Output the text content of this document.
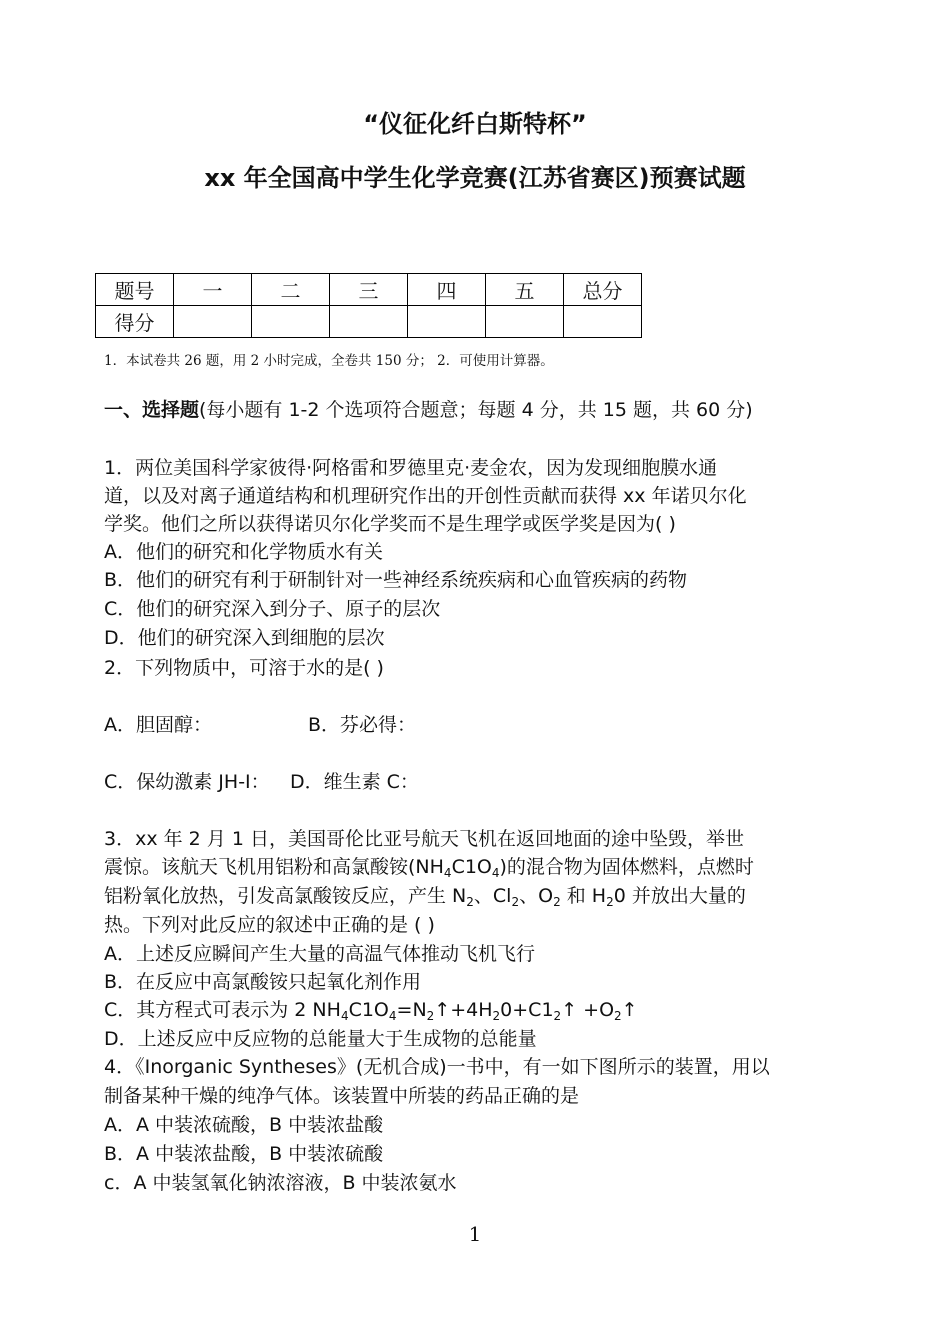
“仪征化纤白斯特杯”
xx 年全国高中学生化学竞赛(江苏省赛区)预赛试题
题号	一	二	三	四	五	总分
得分						
1．本试卷共 26 题，用 2 小时完成，全卷共 150 分； 2．可使用计算器。
一、选择题(每小题有 1-2 个选项符合题意；每题 4 分，共 15 题，共 60 分)
1．两位美国科学家彼得·阿格雷和罗德里克·麦金农，因为发现细胞膜水通
道，以及对离子通道结构和机理研究作出的开创性贡献而获得 xx 年诺贝尔化
学奖。他们之所以获得诺贝尔化学奖而不是生理学或医学奖是因为( )
A．他们的研究和化学物质水有关
B．他们的研究有利于研制针对一些神经系统疾病和心血管疾病的药物
C．他们的研究深入到分子、原子的层次
D．他们的研究深入到细胞的层次
2．下列物质中，可溶于水的是( )
A．胆固醇：	B．芬必得：
C．保幼激素 JH-I： D．维生素 C：
3．xx 年 2 月 1 日，美国哥伦比亚号航天飞机在返回地面的途中坠毁，举世
震惊。该航天飞机用铝粉和高氯酸铵$(NH_4C1O_4)$的混合物为固体燃料，点燃时
铝粉氧化放热，引发高氯酸铵反应，产生 $N_2$、$Cl_2$、$O_2$ 和 $H_20$ 并放出大量的
热。下列对此反应的叙述中正确的是 ( )
A．上述反应瞬间产生大量的高温气体推动飞机飞行
B．在反应中高氯酸铵只起氧化剂作用
C．其方程式可表示为 2 $NH_4C1O_4=N_2↑+4H_20+C1_2↑$ $+O_2↑$
D．上述反应中反应物的总能量大于生成物的总能量
4．《Inorganic Syntheses》(无机合成)一书中，有一如下图所示的装置，用以
制备某种干燥的纯净气体。该装置中所装的药品正确的是
A．A 中装浓硫酸，B 中装浓盐酸
B．A 中装浓盐酸，B 中装浓硫酸
c．A 中装氢氧化钠浓溶液，B 中装浓氨水
1
